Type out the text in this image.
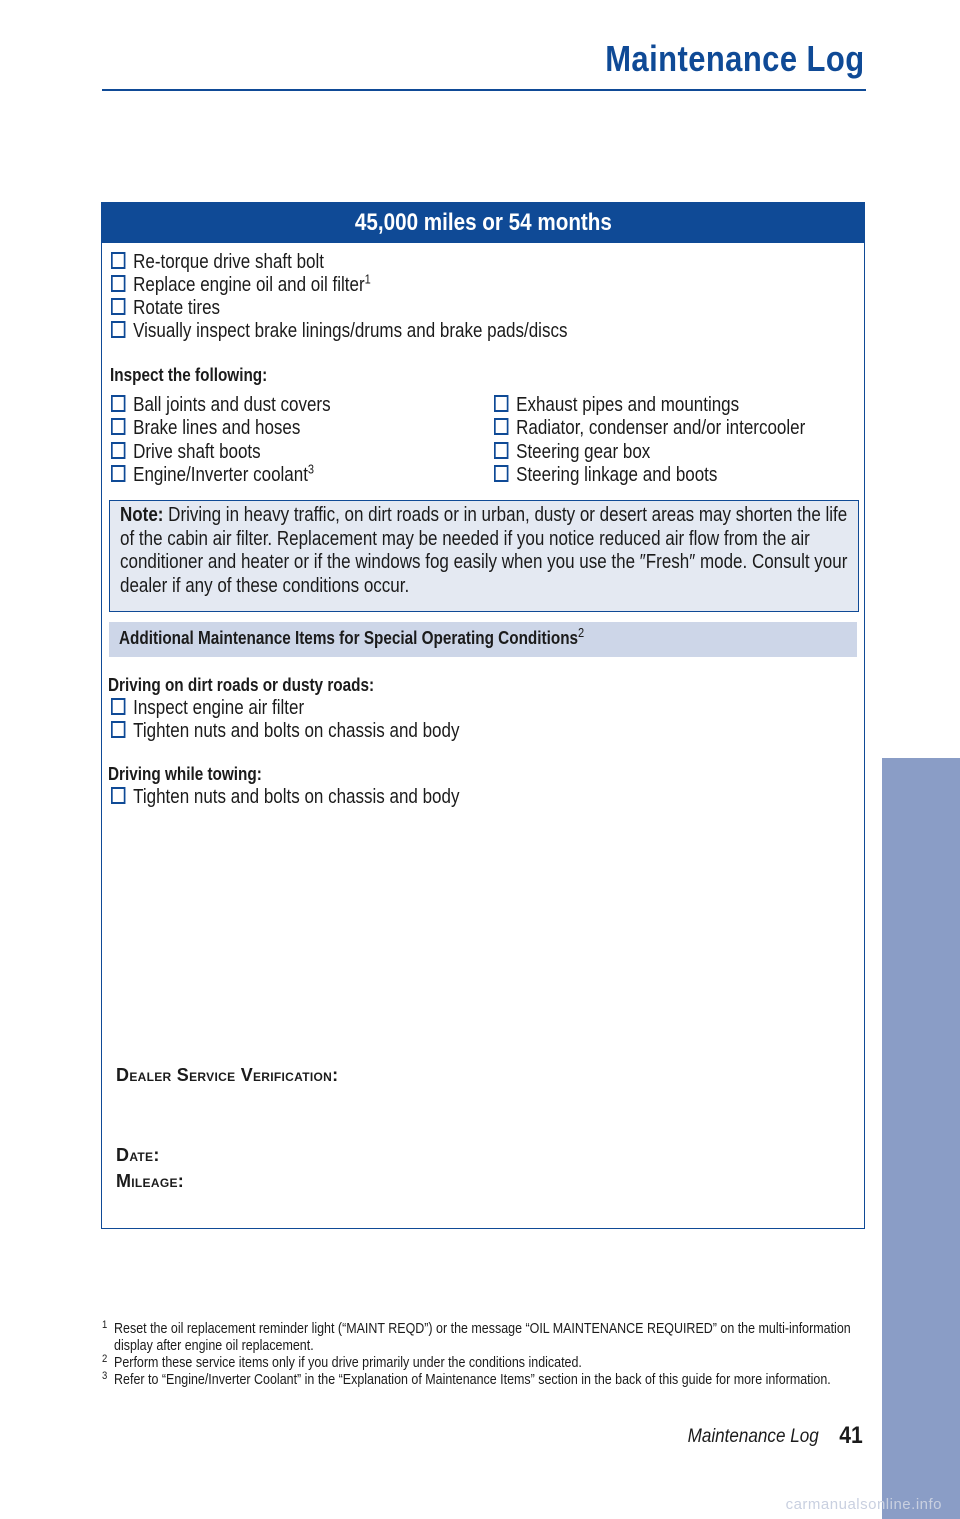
Maintenance Log
45,000 miles or 54 months
Re-torque drive shaft bolt
Replace engine oil and oil filter$^1$
Rotate tires
Visually inspect brake linings/drums and brake pads/discs
Inspect the following:
Ball joints and dust covers
Brake lines and hoses
Drive shaft boots
Engine/Inverter coolant$^3$
Exhaust pipes and mountings
Radiator, condenser and/or intercooler
Steering gear box
Steering linkage and boots
Note: Driving in heavy traffic, on dirt roads or in urban, dusty or desert areas may shorten the life of the cabin air filter. Replacement may be needed if you notice reduced air flow from the air conditioner and heater or if the windows fog easily when you use the ″Fresh″ mode. Consult your dealer if any of these conditions occur.
Additional Maintenance Items for Special Operating Conditions$^2$
Driving on dirt roads or dusty roads:
Inspect engine air filter
Tighten nuts and bolts on chassis and body
Driving while towing:
Tighten nuts and bolts on chassis and body
DEALER SERVICE VERIFICATION:
DATE:
MILEAGE:
1 Reset the oil replacement reminder light (“MAINT REQD”) or the message “OIL MAINTENANCE REQUIRED” on the multi-information display after engine oil replacement.
2 Perform these service items only if you drive primarily under the conditions indicated.
3 Refer to “Engine/Inverter Coolant” in the “Explanation of Maintenance Items” section in the back of this guide for more information.
Maintenance Log 41
MAINTENANCE
carmanualsonline.info
